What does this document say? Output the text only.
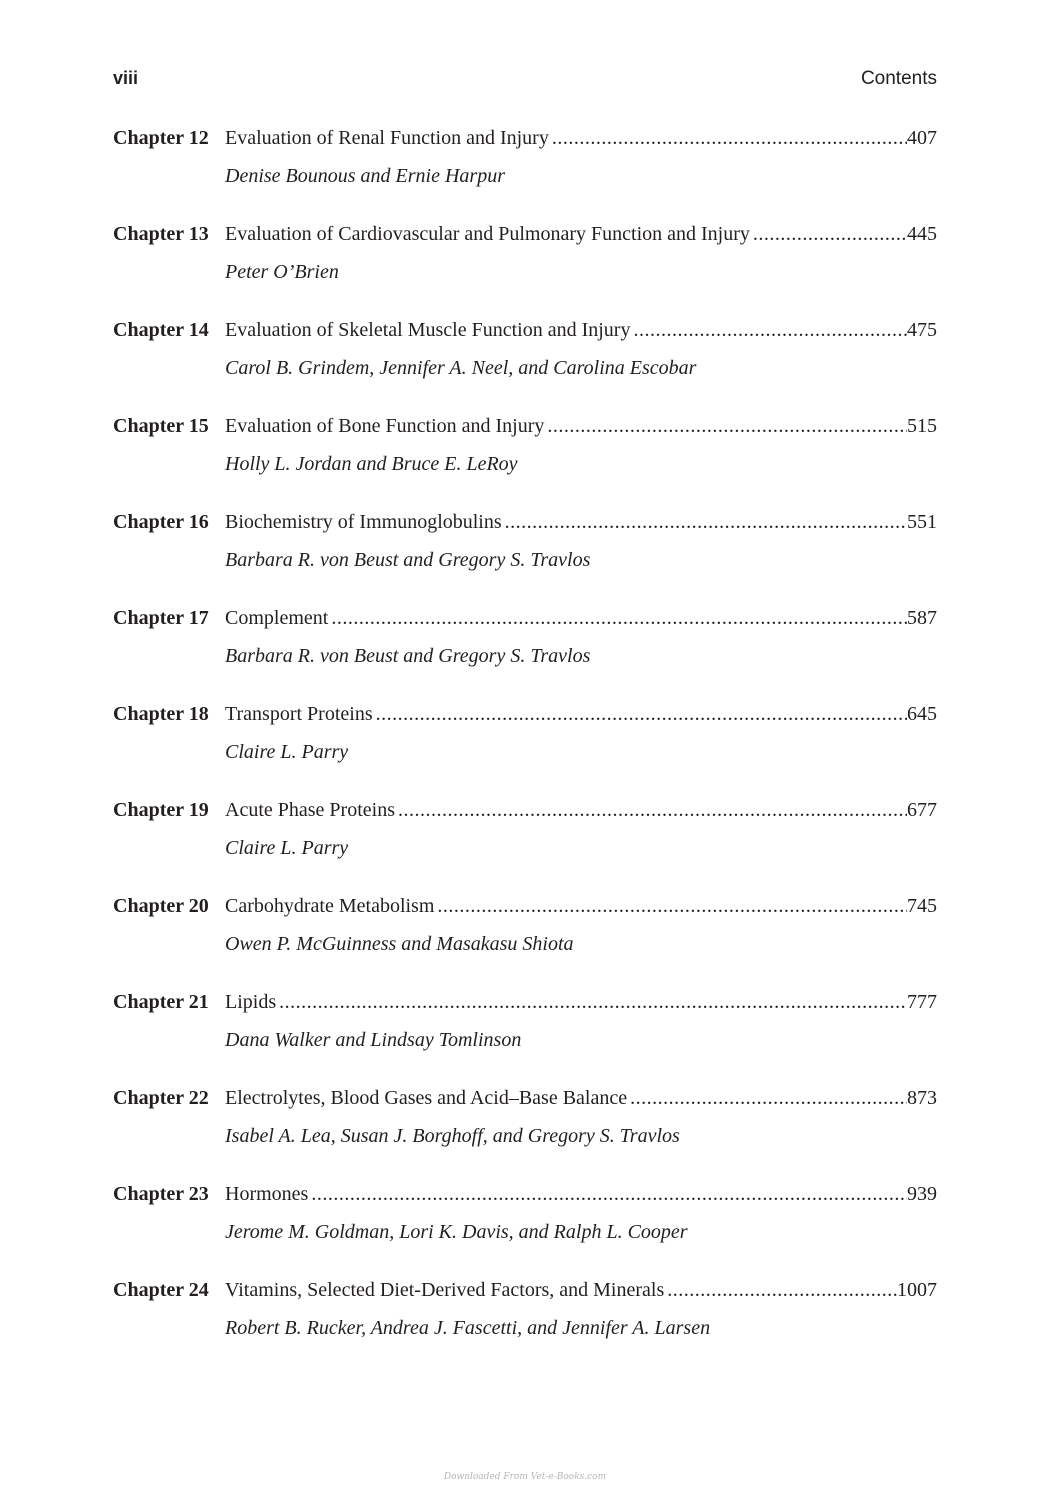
viii	Contents
Chapter 12 Evaluation of Renal Function and Injury .....	407
Denise Bounous and Ernie Harpur
Chapter 13 Evaluation of Cardiovascular and Pulmonary Function and Injury .....	445
Peter O’Brien
Chapter 14 Evaluation of Skeletal Muscle Function and Injury .....	475
Carol B. Grindem, Jennifer A. Neel, and Carolina Escobar
Chapter 15 Evaluation of Bone Function and Injury .....	515
Holly L. Jordan and Bruce E. LeRoy
Chapter 16 Biochemistry of Immunoglobulins .....	551
Barbara R. von Beust and Gregory S. Travlos
Chapter 17 Complement .....	587
Barbara R. von Beust and Gregory S. Travlos
Chapter 18 Transport Proteins .....	645
Claire L. Parry
Chapter 19 Acute Phase Proteins .....	677
Claire L. Parry
Chapter 20 Carbohydrate Metabolism .....	745
Owen P. McGuinness and Masakasu Shiota
Chapter 21 Lipids .....	777
Dana Walker and Lindsay Tomlinson
Chapter 22 Electrolytes, Blood Gases and Acid–Base Balance .....	873
Isabel A. Lea, Susan J. Borghoff, and Gregory S. Travlos
Chapter 23 Hormones .....	939
Jerome M. Goldman, Lori K. Davis, and Ralph L. Cooper
Chapter 24 Vitamins, Selected Diet-Derived Factors, and Minerals .....	1007
Robert B. Rucker, Andrea J. Fascetti, and Jennifer A. Larsen
Downloaded From Vet-e-Books.com
